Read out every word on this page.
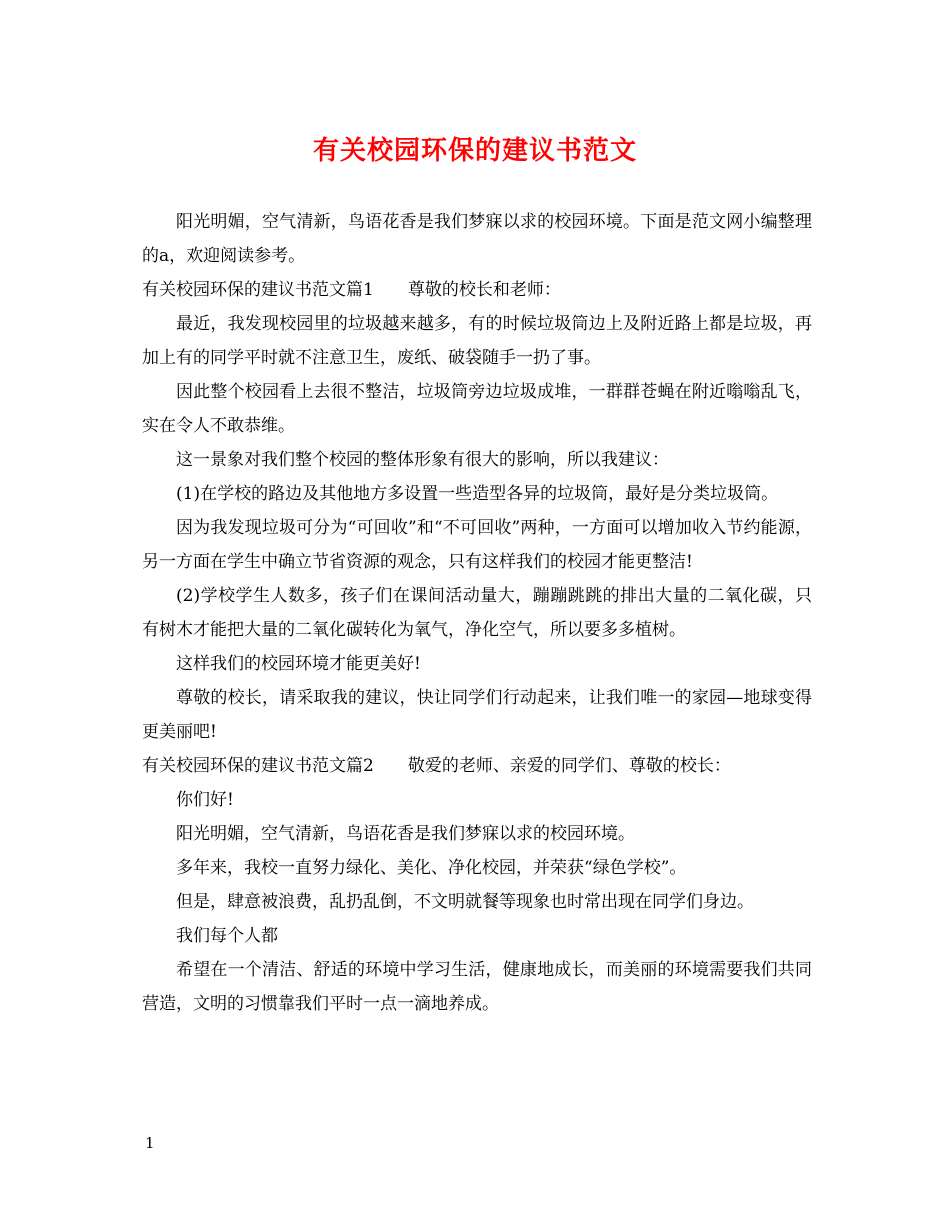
有关校园环保的建议书范文

阳光明媚，空气清新，鸟语花香是我们梦寐以求的校园环境。下面是范文网小编整理的a，欢迎阅读参考。

有关校园环保的建议书范文篇1 尊敬的校长和老师：

最近，我发现校园里的垃圾越来越多，有的时候垃圾筒边上及附近路上都是垃圾，再加上有的同学平时就不注意卫生，废纸、破袋随手一扔了事。

因此整个校园看上去很不整洁，垃圾筒旁边垃圾成堆，一群群苍蝇在附近嗡嗡乱飞，实在令人不敢恭维。

这一景象对我们整个校园的整体形象有很大的影响，所以我建议：

(1)在学校的路边及其他地方多设置一些造型各异的垃圾筒，最好是分类垃圾筒。

因为我发现垃圾可分为“可回收”和“不可回收”两种，一方面可以增加收入节约能源，另一方面在学生中确立节省资源的观念，只有这样我们的校园才能更整洁!

(2)学校学生人数多，孩子们在课间活动量大，蹦蹦跳跳的排出大量的二氧化碳，只有树木才能把大量的二氧化碳转化为氧气，净化空气，所以要多多植树。

这样我们的校园环境才能更美好!

尊敬的校长，请采取我的建议，快让同学们行动起来，让我们唯一的家园—地球变得更美丽吧!

有关校园环保的建议书范文篇2 敬爱的老师、亲爱的同学们、尊敬的校长：

你们好!

阳光明媚，空气清新，鸟语花香是我们梦寐以求的校园环境。

多年来，我校一直努力绿化、美化、净化校园，并荣获“绿色学校”。

但是，肆意被浪费，乱扔乱倒，不文明就餐等现象也时常出现在同学们身边。

我们每个人都

希望在一个清洁、舒适的环境中学习生活，健康地成长，而美丽的环境需要我们共同营造，文明的习惯靠我们平时一点一滴地养成。

1
